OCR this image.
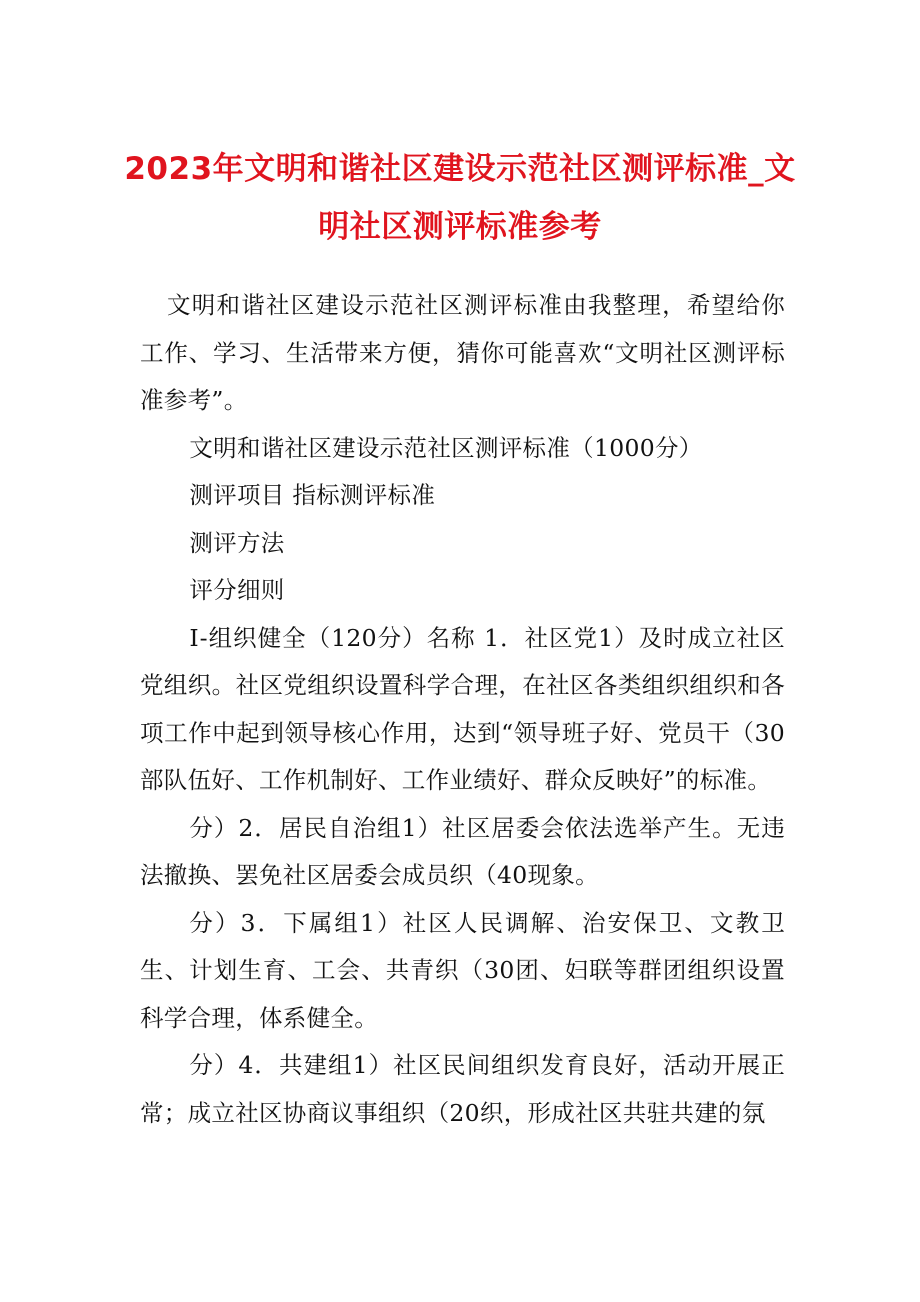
2023年文明和谐社区建设示范社区测评标准_文明社区测评标准参考

文明和谐社区建设示范社区测评标准由我整理，希望给你工作、学习、生活带来方便，猜你可能喜欢“文明社区测评标准参考”。

文明和谐社区建设示范社区测评标准（1000分）

测评项目 指标测评标准

测评方法

评分细则

Ⅰ-组织健全（120分）名称 1．社区党1）及时成立社区党组织。社区党组织设置科学合理，在社区各类组织组织和各项工作中起到领导核心作用，达到“领导班子好、党员干（30部队伍好、工作机制好、工作业绩好、群众反映好”的标准。

分）2．居民自治组1）社区居委会依法选举产生。无违法撤换、罢免社区居委会成员织（40现象。

分）3．下属组1）社区人民调解、治安保卫、文教卫生、计划生育、工会、共青织（30团、妇联等群团组织设置科学合理，体系健全。

分）4．共建组1）社区民间组织发育良好，活动开展正常；成立社区协商议事组织（20织，形成社区共驻共建的氛
